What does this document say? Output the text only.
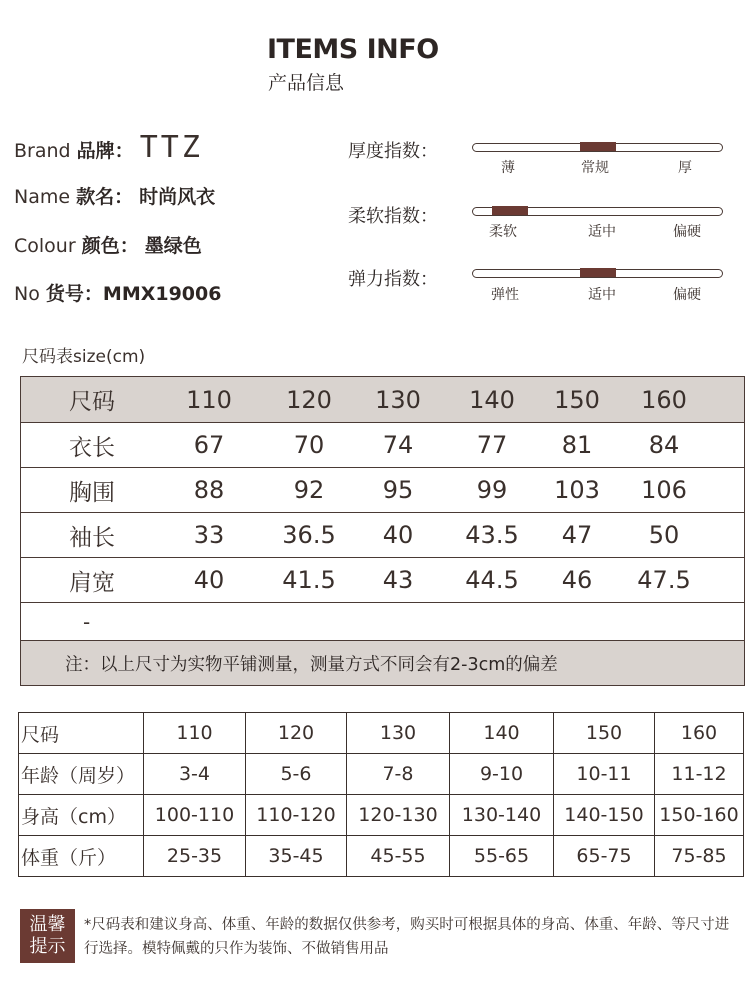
ITEMS INFO
产品信息
Brand 品牌： TTZ
Name 款名： 时尚风衣
Colour 颜色： 墨绿色
No 货号：MMX19006
厚度指数：
薄	常规	厚
柔软指数：
柔软	适中	偏硬
弹力指数：
弹性	适中	偏硬
尺码表size(cm)
尺码	110 120 130 140 150 160
衣长	67	70	74	77	81	84
胸围	88	92	95	99	103 106
袖长	33	36.5	40	43.5	47	50
肩宽	40	41.5	43	44.5	46	47.5
-
注：以上尺寸为实物平铺测量，测量方式不同会有2-3cm的偏差
尺码	110	120	130	140	150	160
年龄（周岁）	3-4	5-6	7-8	9-10	10-11	11-12
身高（cm）	100-110	110-120	120-130	130-140	140-150	150-160
体重（斤）	25-35	35-45	45-55	55-65	65-75	75-85
温馨
提示
*尺码表和建议身高、体重、年龄的数据仅供参考，购买时可根据具体的身高、体重、年龄、等尺寸进行选择。模特佩戴的只作为装饰、不做销售用品
